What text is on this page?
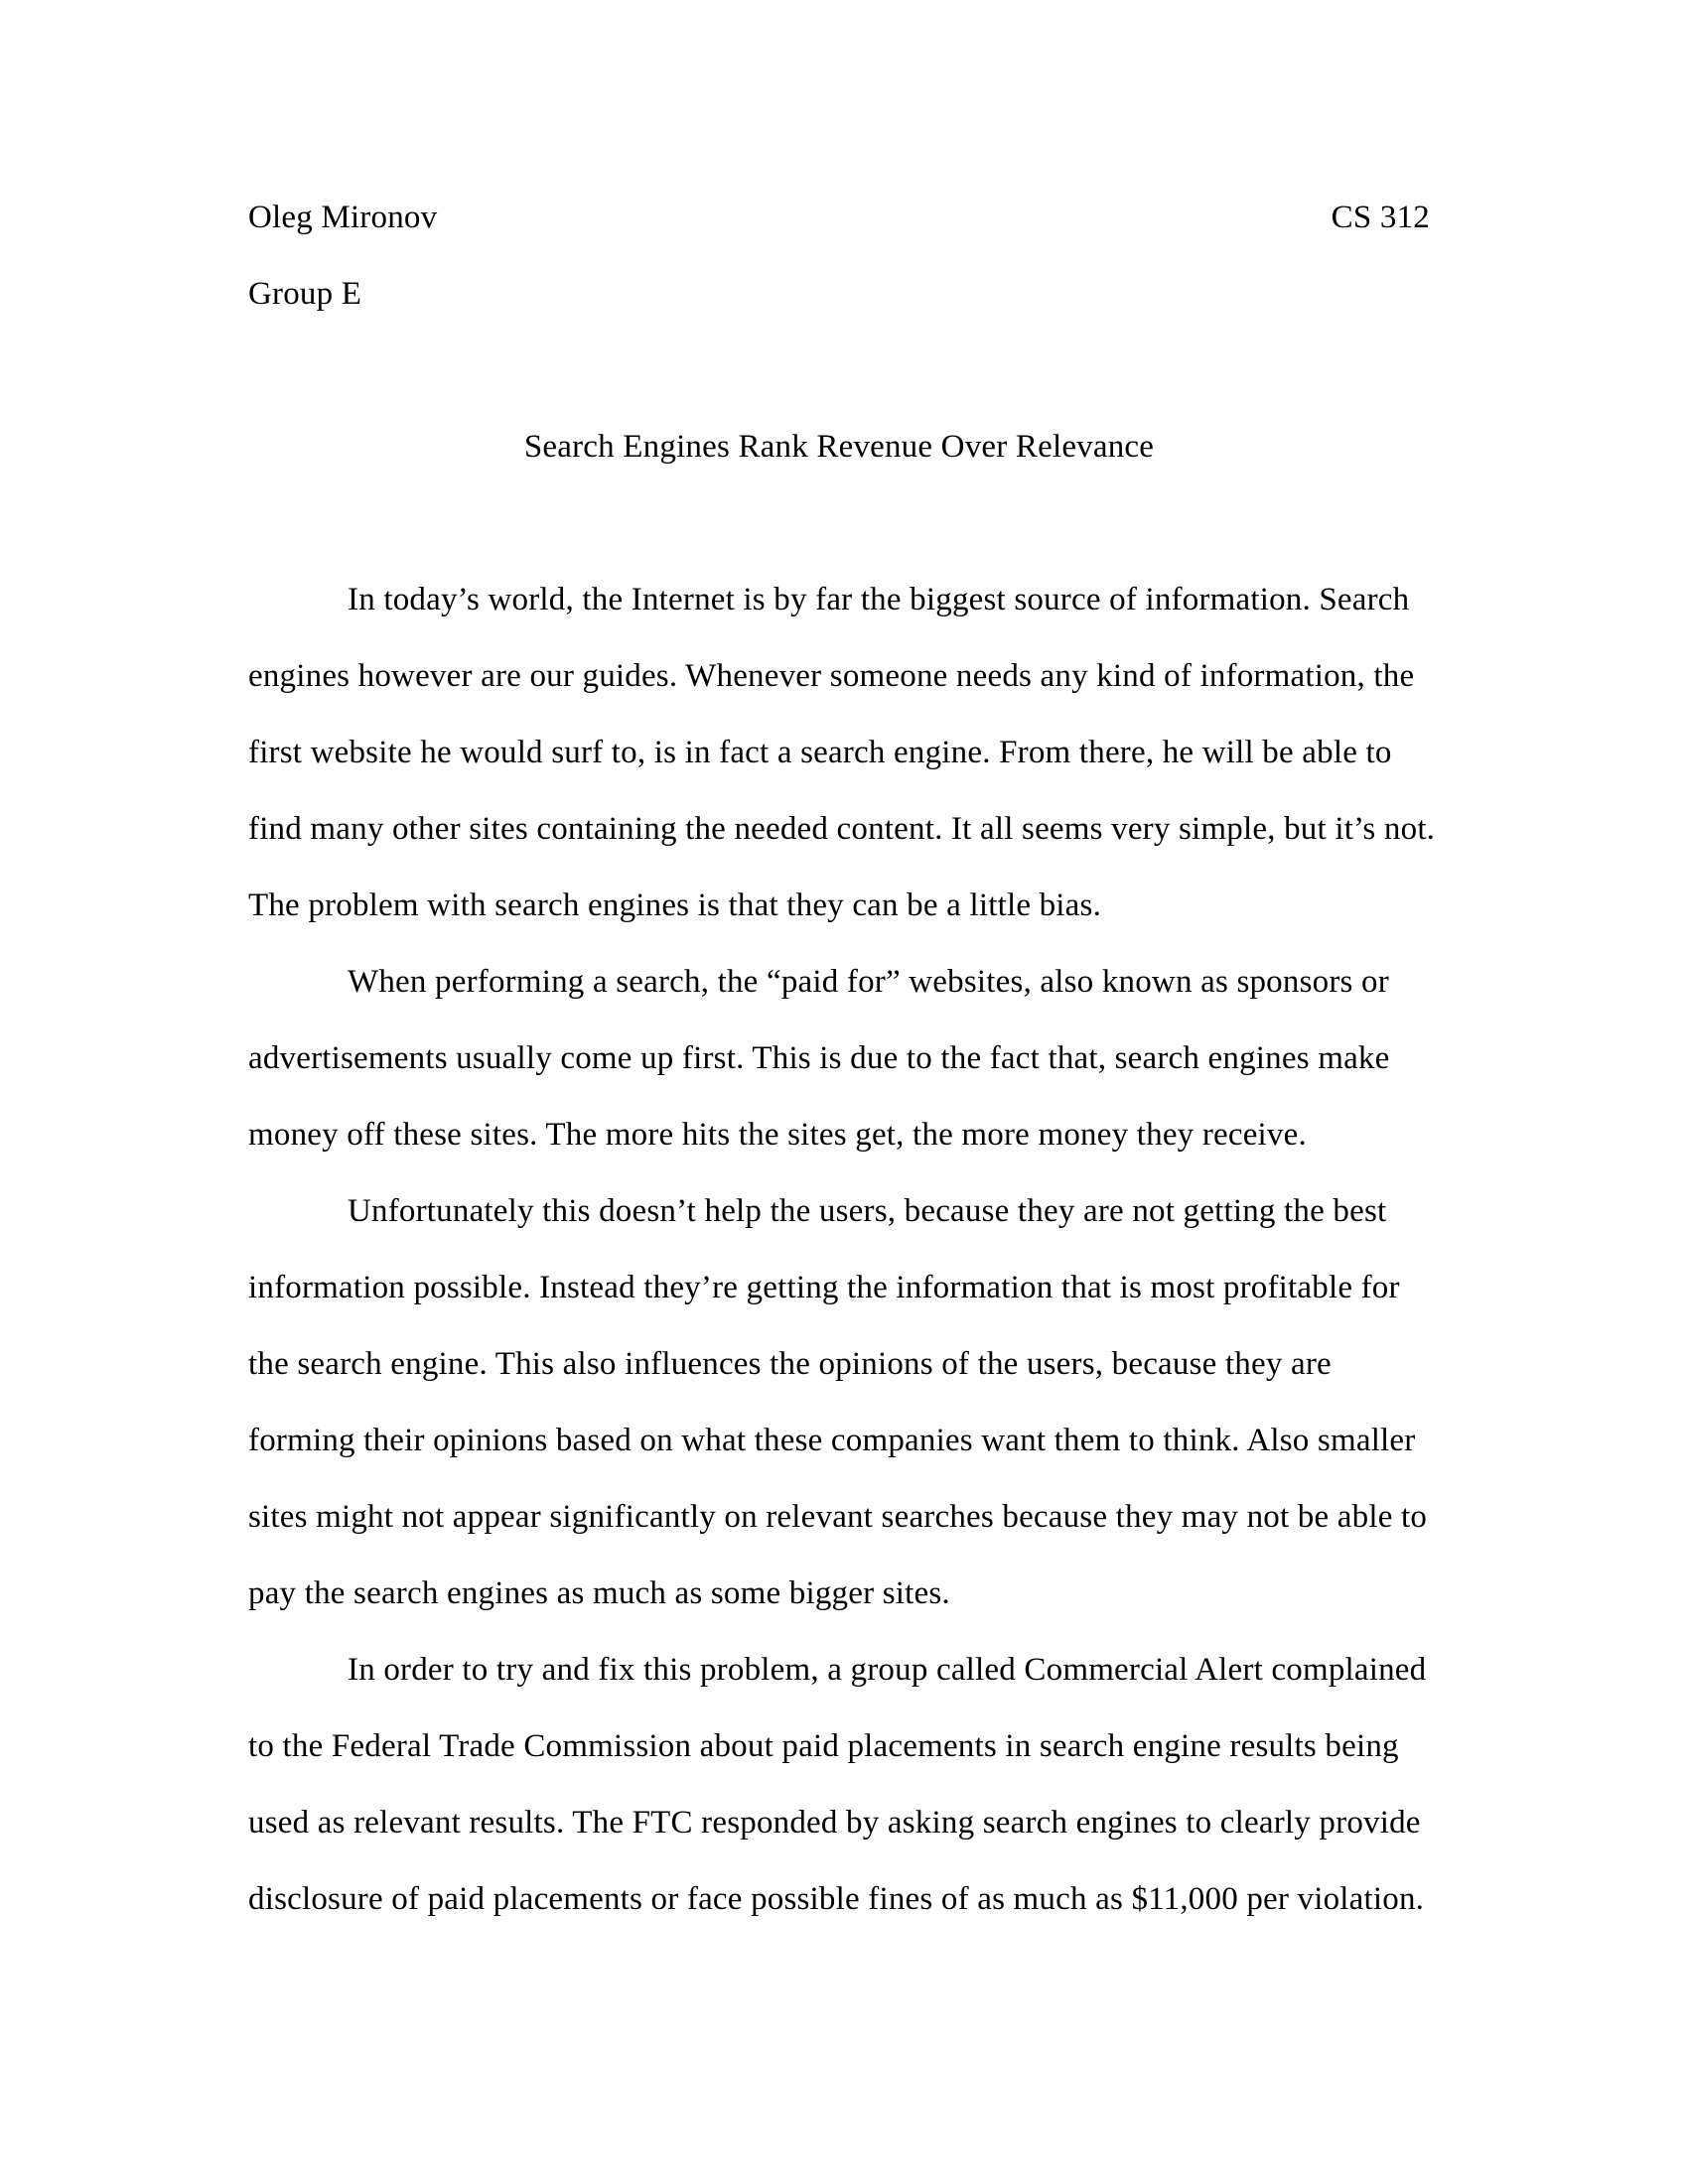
Oleg Mironov	CS 312
Group E
Search Engines Rank Revenue Over Relevance
In today’s world, the Internet is by far the biggest source of information. Search
engines however are our guides. Whenever someone needs any kind of information, the
first website he would surf to, is in fact a search engine. From there, he will be able to
find many other sites containing the needed content. It all seems very simple, but it’s not.
The problem with search engines is that they can be a little bias.
When performing a search, the “paid for” websites, also known as sponsors or
advertisements usually come up first. This is due to the fact that, search engines make
money off these sites. The more hits the sites get, the more money they receive.
Unfortunately this doesn’t help the users, because they are not getting the best
information possible. Instead they’re getting the information that is most profitable for
the search engine. This also influences the opinions of the users, because they are
forming their opinions based on what these companies want them to think. Also smaller
sites might not appear significantly on relevant searches because they may not be able to
pay the search engines as much as some bigger sites.
In order to try and fix this problem, a group called Commercial Alert complained
to the Federal Trade Commission about paid placements in search engine results being
used as relevant results. The FTC responded by asking search engines to clearly provide
disclosure of paid placements or face possible fines of as much as $11,000 per violation.
